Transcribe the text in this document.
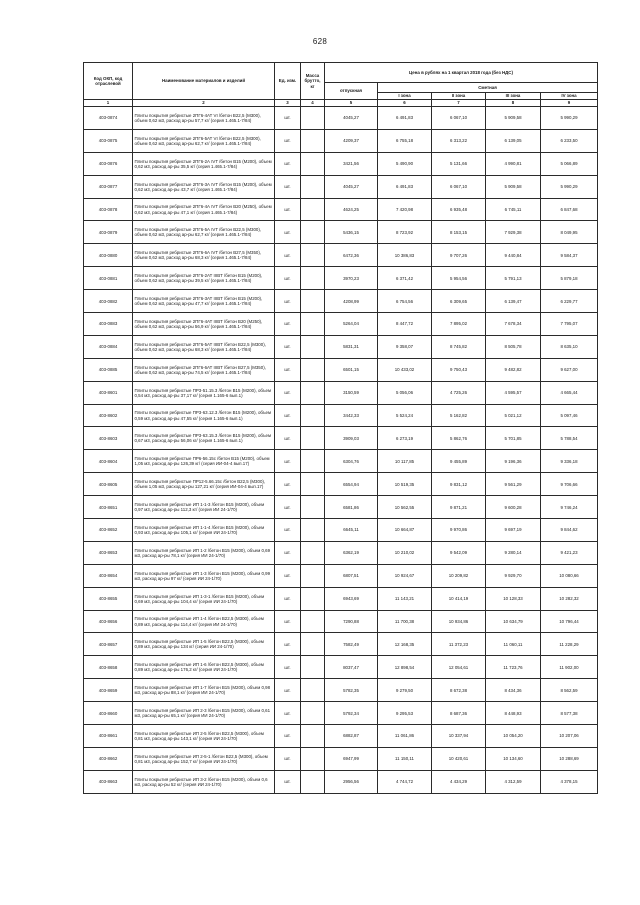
628
Код ОКП, код отраслевой	Наименование материалов и изделий	Ед. изм.	Масса брутто, кг	Цена в рублях на 1 квартал 2018 года (без НДС)				
				отпускная	Сметная			
					I зона	II зона	III зона	IV зона
1	2	3	4	5	6	7	8	9
403-0874	Плиты покрытия ребристые 2ПГ6-4АТ VI /бетон В22,5 (М300), объем 0,62 м3, расход ар-ры 57,7 кг/ (серия 1.465.1-7/84)	шт.		4045,27	6 491,83	6 067,10	5 909,58	5 990,29
403-0875	Плиты покрытия ребристые 2ПГ6-5АТ VI /бетон В22,5 (М300), объем 0,62 м3, расход ар-ры 62,7 кг/ (серия 1.465.1-7/84)	шт.		4209,37	6 755,18	6 313,22	6 139,05	6 233,50
403-0876	Плиты покрытия ребристые 2ПГ6-2А IVT /бетон В15 (М200), объем 0,62 м3, расход ар-ры 35,5 кг/ (серия 1.465.1-7/84)	шт.		3421,56	5 490,90	5 131,66	4 990,81	5 066,89
403-0877	Плиты покрытия ребристые 2ПГ6-3А IVT /бетон В15 (М200), объем 0,62 м3, расход ар-ры 43,7 кг/ (серия 1.465.1-7/84)	шт.		4045,27	6 491,83	6 067,10	5 909,58	5 990,29
403-0878	Плиты покрытия ребристые 2ПГ6-4А IVT /бетон В20 (М250), объем 0,62 м3, расход ар-ры 47,1 кг/ (серия 1.465.1-7/84)	шт.		4624,25	7 420,98	6 935,48	6 745,11	6 847,68
403-0879	Плиты покрытия ребристые 2ПГ6-5А IVT /бетон В22,5 (М300), объем 0,62 м3, расход ар-ры 62,7 кг/ (серия 1.465.1-7/84)	шт.		5436,15	8 723,92	8 153,15	7 929,38	8 049,95
403-0880	Плиты покрытия ребристые 2ПГ6-6А IVT /бетон В27,5 (М350), объем 0,62 м3, расход ар-ры 68,3 кг/ (серия 1.465.1-7/84)	шт.		6472,36	10 386,83	9 707,26	9 440,84	9 584,37
403-0881	Плиты покрытия ребристые 2ПГ6-2АТ IIIBТ /бетон В15 (М200), объем 0,62 м3, расход ар-ры 39,5 кг/ (серия 1.465.1-7/84)	шт.		3970,23	6 371,42	5 954,56	5 791,13	5 879,18
403-0882	Плиты покрытия ребристые 2ПГ6-3АТ IIIBТ /бетон В15 (М200), объем 0,62 м3, расход ар-ры 47,7 кг/ (серия 1.465.1-7/84)	шт.		4208,99	6 754,56	6 309,65	6 139,47	6 229,77
403-0883	Плиты покрытия ребристые 2ПГ6-4АТ IIIBТ /бетон В20 (М250), объем 0,62 м3, расход ар-ры 56,9 кг/ (серия 1.465.1-7/84)	шт.		5264,04	8 447,72	7 895,02	7 678,34	7 795,07
403-0884	Плиты покрытия ребристые 2ПГ6-5АТ IIIBТ /бетон В22,5 (М300), объем 0,62 м3, расход ар-ры 68,3 кг/ (серия 1.465.1-7/84)	шт.		5831,31	9 358,07	8 745,82	8 505,78	8 635,10
403-0885	Плиты покрытия ребристые 2ПГ6-6АТ IIIBТ /бетон В27,5 (М350), объем 0,62 м3, расход ар-ры 74,5 кг/ (серия 1.465.1-7/84)	шт.		6501,15	10 433,02	9 750,43	9 482,82	9 627,00
403-8601	Плиты покрытия ребристые ПР3-51.15.3 /бетон В15 (М200), объем 0,54 м3, расход ар-ры 37,17 кг/ (серия 1.165-6 вып.1)	шт.		3150,59	5 056,06	4 725,26	4 595,57	4 665,44
403-8602	Плиты покрытия ребристые ПР3-63.12.3 /бетон В15 (М200), объем 0,59 м3, расход ар-ры 47,55 кг/ (серия 1.165-6 вып.1)	шт.		3442,33	5 524,24	5 162,82	5 021,12	5 097,46
403-8603	Плиты покрытия ребристые ПР3-63.15.3 /бетон В15 (М200), объем 0,67 м3, расход ар-ры 56,06 кг/ (серия 1.165-6 вып.1)	шт.		3909,03	6 273,19	5 862,76	5 701,85	5 788,54
403-8604	Плиты покрытия ребристые ПР6-56.15с /бетон В15 (М200), объем 1,05 м3, расход ар-ры 126,39 кг/ (серия ИИ-04-4 вып.17)	шт.		6304,76	10 117,85	9 455,89	9 196,36	9 336,18
403-8605	Плиты покрытия ребристые ПР12-5.66.15с /бетон В22,5 (М300), объем 1,05 м3, расход ар-ры 127,21 кг/ (серия ИИ-04-4 вып.17)	шт.		6554,94	10 519,35	9 831,12	9 561,29	9 706,66
403-8651	Плиты покрытия ребристые ИП 1-1-3 /бетон В15 (М200), объем 0,97 м3, расход ар-ры 112,3 кг/ (серия ИИ 24-1/70)	шт.		6581,86	10 562,55	9 871,21	9 600,28	9 746,24
403-8652	Плиты покрытия ребристые ИП 1-1-4 /бетон В15 (М200), объем 0,93 м3, расход ар-ры 105,1 кг/ (серия ИИ 24-1/70)	шт.		6645,11	10 664,87	9 970,86	9 697,19	9 844,62
403-8653	Плиты покрытия ребристые ИП 1-2 /бетон В15 (М200), объем 0,69 м3, расход ар-ры 78,1 кг/ (серия ИИ 24-1/70)	шт.		6362,19	10 210,02	9 542,09	9 280,14	9 421,23
403-8654	Плиты покрытия ребристые ИП 1-3 /бетон В15 (М200), объем 0,99 м3, расход ар-ры 97 кг/ (серия ИИ 24-1/70)	шт.		6807,51	10 924,67	10 209,82	9 929,70	10 080,66
403-8655	Плиты покрытия ребристые ИП 1-3-1 /бетон В15 (М200), объем 0,69 м3, расход ар-ры 104,4 кг/ (серия ИИ 24-1/70)	шт.		6943,69	11 143,21	10 414,19	10 128,33	10 282,32
403-8656	Плиты покрытия ребристые ИП 1-4 /бетон В22,5 (М300), объем 0,89 м3, расход ар-ры 114,4 кг/ (серия ИИ 24-1/70)	шт.		7290,88	11 700,38	10 934,86	10 634,79	10 796,44
403-8657	Плиты покрытия ребристые ИП 1-5 /бетон В22,5 (М300), объем 0,89 м3, расход ар-ры 134 кг/ (серия ИИ 24-1/70)	шт.		7582,49	12 168,35	11 372,23	11 060,11	11 228,29
403-8658	Плиты покрытия ребристые ИП 1-6 /бетон В22,5 (М300), объем 0,89 м3, расход ар-ры 176,2 кг/ (серия ИИ 24-1/70)	шт.		8037,47	12 898,54	12 054,61	11 723,76	11 902,00
403-8659	Плиты покрытия ребристые ИП 1-7 /бетон В15 (М200), объем 0,98 м3, расход ар-ры 88,1 кг/ (серия ИИ 24-1/70)	шт.		5782,35	9 279,50	8 672,38	8 434,36	8 562,59
403-8660	Плиты покрытия ребристые ИП 2-3 /бетон В15 (М200), объем 0,61 м3, расход ар-ры 65,1 кг/ (серия ИИ 24-1/70)	шт.		5792,34	9 295,53	8 687,36	8 448,93	8 577,38
403-8661	Плиты покрытия ребристые ИП 2-5 /бетон В22,5 (М300), объем 0,81 м3, расход ар-ры 143,1 кг/ (серия ИИ 24-1/70)	шт.		6882,87	11 061,86	10 337,94	10 054,20	10 207,06
403-8662	Плиты покрытия ребристые ИП 2-5-1 /бетон В22,5 (М300), объем 0,81 м3, расход ар-ры 152,7 кг/ (серия ИИ 24-1/70)	шт.		6947,99	11 150,11	10 420,61	10 134,60	10 288,69
403-8663	Плиты покрытия ребристые ИП 3-2 /бетон В15 (М200), объем 0,6 м3, расход ар-ры 52 кг/ (серия ИИ 24-1/70)	шт.		2956,56	4 744,72	4 434,29	4 312,59	4 378,15
